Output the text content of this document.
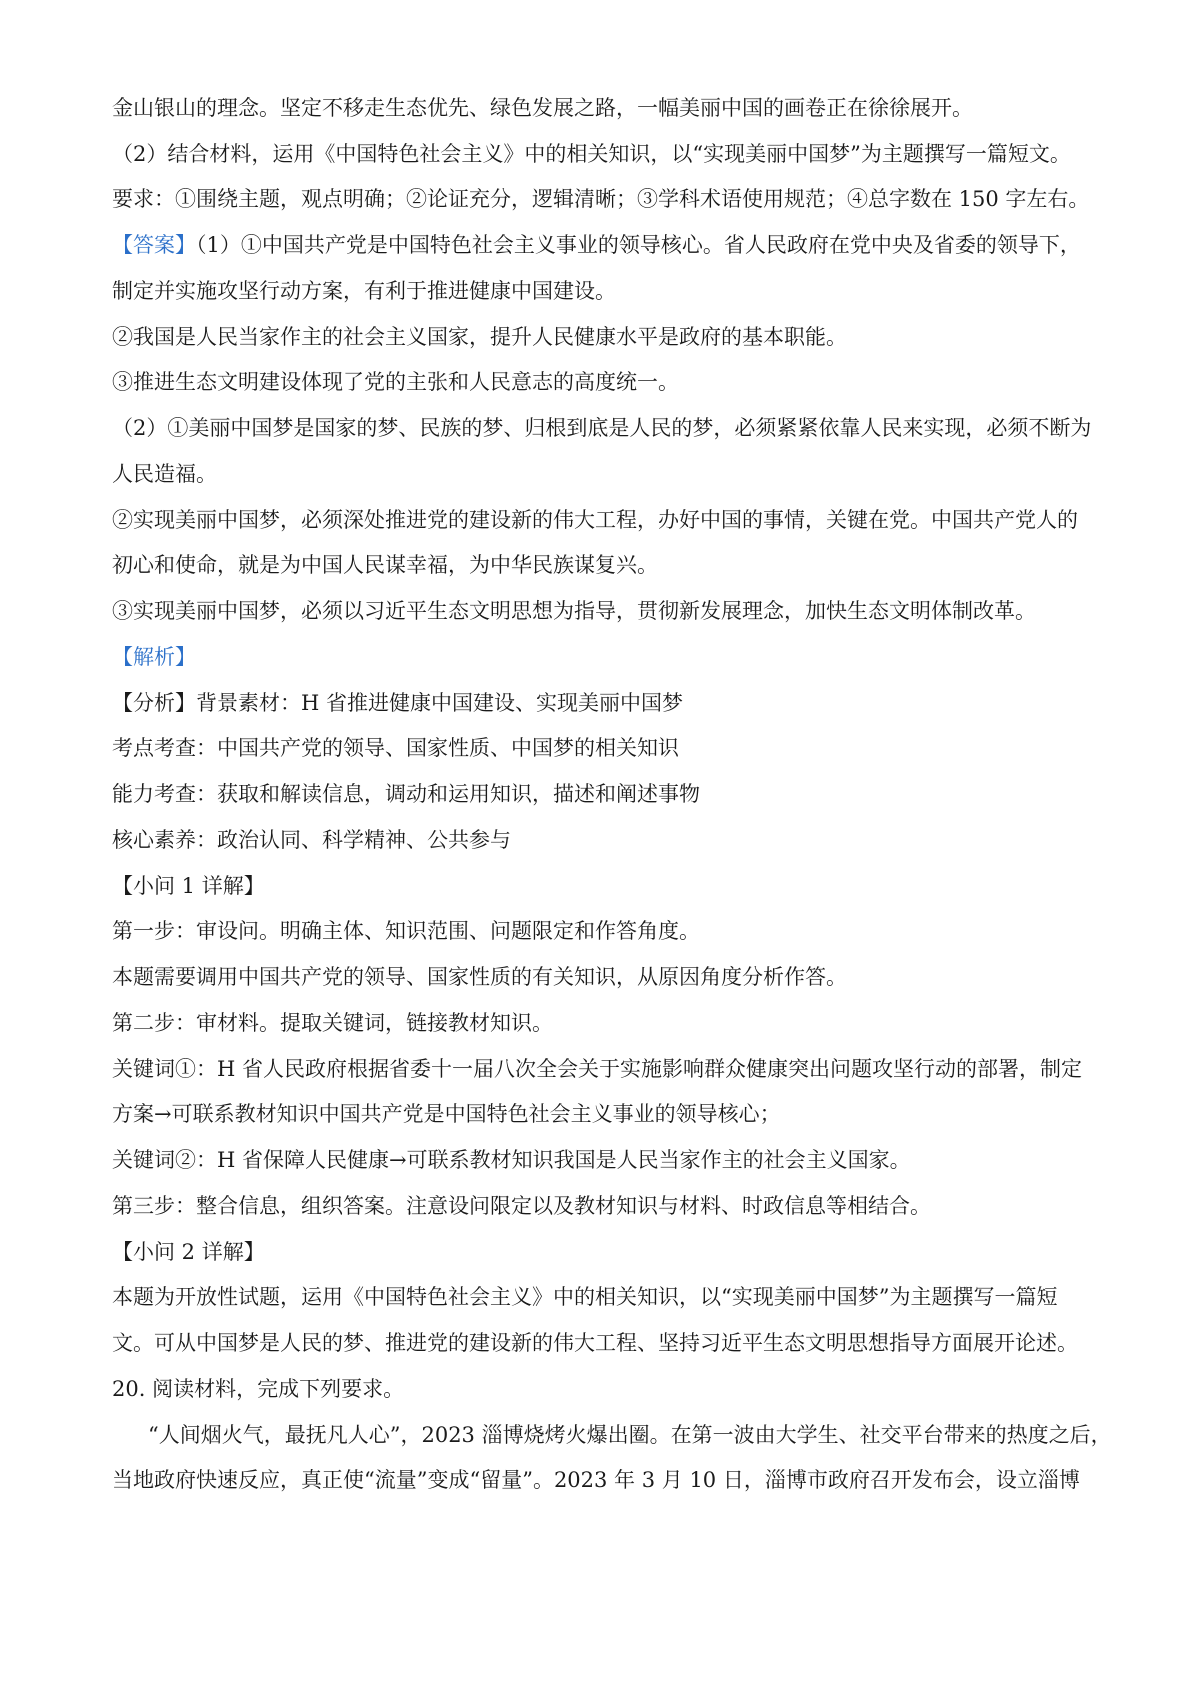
金山银山的理念。坚定不移走生态优先、绿色发展之路，一幅美丽中国的画卷正在徐徐展开。
（2）结合材料，运用《中国特色社会主义》中的相关知识，以“实现美丽中国梦”为主题撰写一篇短文。
要求：①围绕主题，观点明确；②论证充分，逻辑清晰；③学科术语使用规范；④总字数在 150 字左右。
【答案】（1）①中国共产党是中国特色社会主义事业的领导核心。省人民政府在党中央及省委的领导下，
制定并实施攻坚行动方案，有利于推进健康中国建设。
②我国是人民当家作主的社会主义国家，提升人民健康水平是政府的基本职能。
③推进生态文明建设体现了党的主张和人民意志的高度统一。
（2）①美丽中国梦是国家的梦、民族的梦、归根到底是人民的梦，必须紧紧依靠人民来实现，必须不断为
人民造福。
②实现美丽中国梦，必须深处推进党的建设新的伟大工程，办好中国的事情，关键在党。中国共产党人的
初心和使命，就是为中国人民谋幸福，为中华民族谋复兴。
③实现美丽中国梦，必须以习近平生态文明思想为指导，贯彻新发展理念，加快生态文明体制改革。
【解析】
【分析】背景素材：H 省推进健康中国建设、实现美丽中国梦
考点考查：中国共产党的领导、国家性质、中国梦的相关知识
能力考查：获取和解读信息，调动和运用知识，描述和阐述事物
核心素养：政治认同、科学精神、公共参与
【小问 1 详解】
第一步：审设问。明确主体、知识范围、问题限定和作答角度。
本题需要调用中国共产党的领导、国家性质的有关知识，从原因角度分析作答。
第二步：审材料。提取关键词，链接教材知识。
关键词①：H 省人民政府根据省委十一届八次全会关于实施影响群众健康突出问题攻坚行动的部署，制定
方案→可联系教材知识中国共产党是中国特色社会主义事业的领导核心；
关键词②：H 省保障人民健康→可联系教材知识我国是人民当家作主的社会主义国家。
第三步：整合信息，组织答案。注意设问限定以及教材知识与材料、时政信息等相结合。
【小问 2 详解】
本题为开放性试题，运用《中国特色社会主义》中的相关知识，以“实现美丽中国梦”为主题撰写一篇短
文。可从中国梦是人民的梦、推进党的建设新的伟大工程、坚持习近平生态文明思想指导方面展开论述。
20. 阅读材料，完成下列要求。
“人间烟火气，最抚凡人心”，2023 淄博烧烤火爆出圈。在第一波由大学生、社交平台带来的热度之后，
当地政府快速反应，真正使“流量”变成“留量”。2023 年 3 月 10 日，淄博市政府召开发布会，设立淄博
